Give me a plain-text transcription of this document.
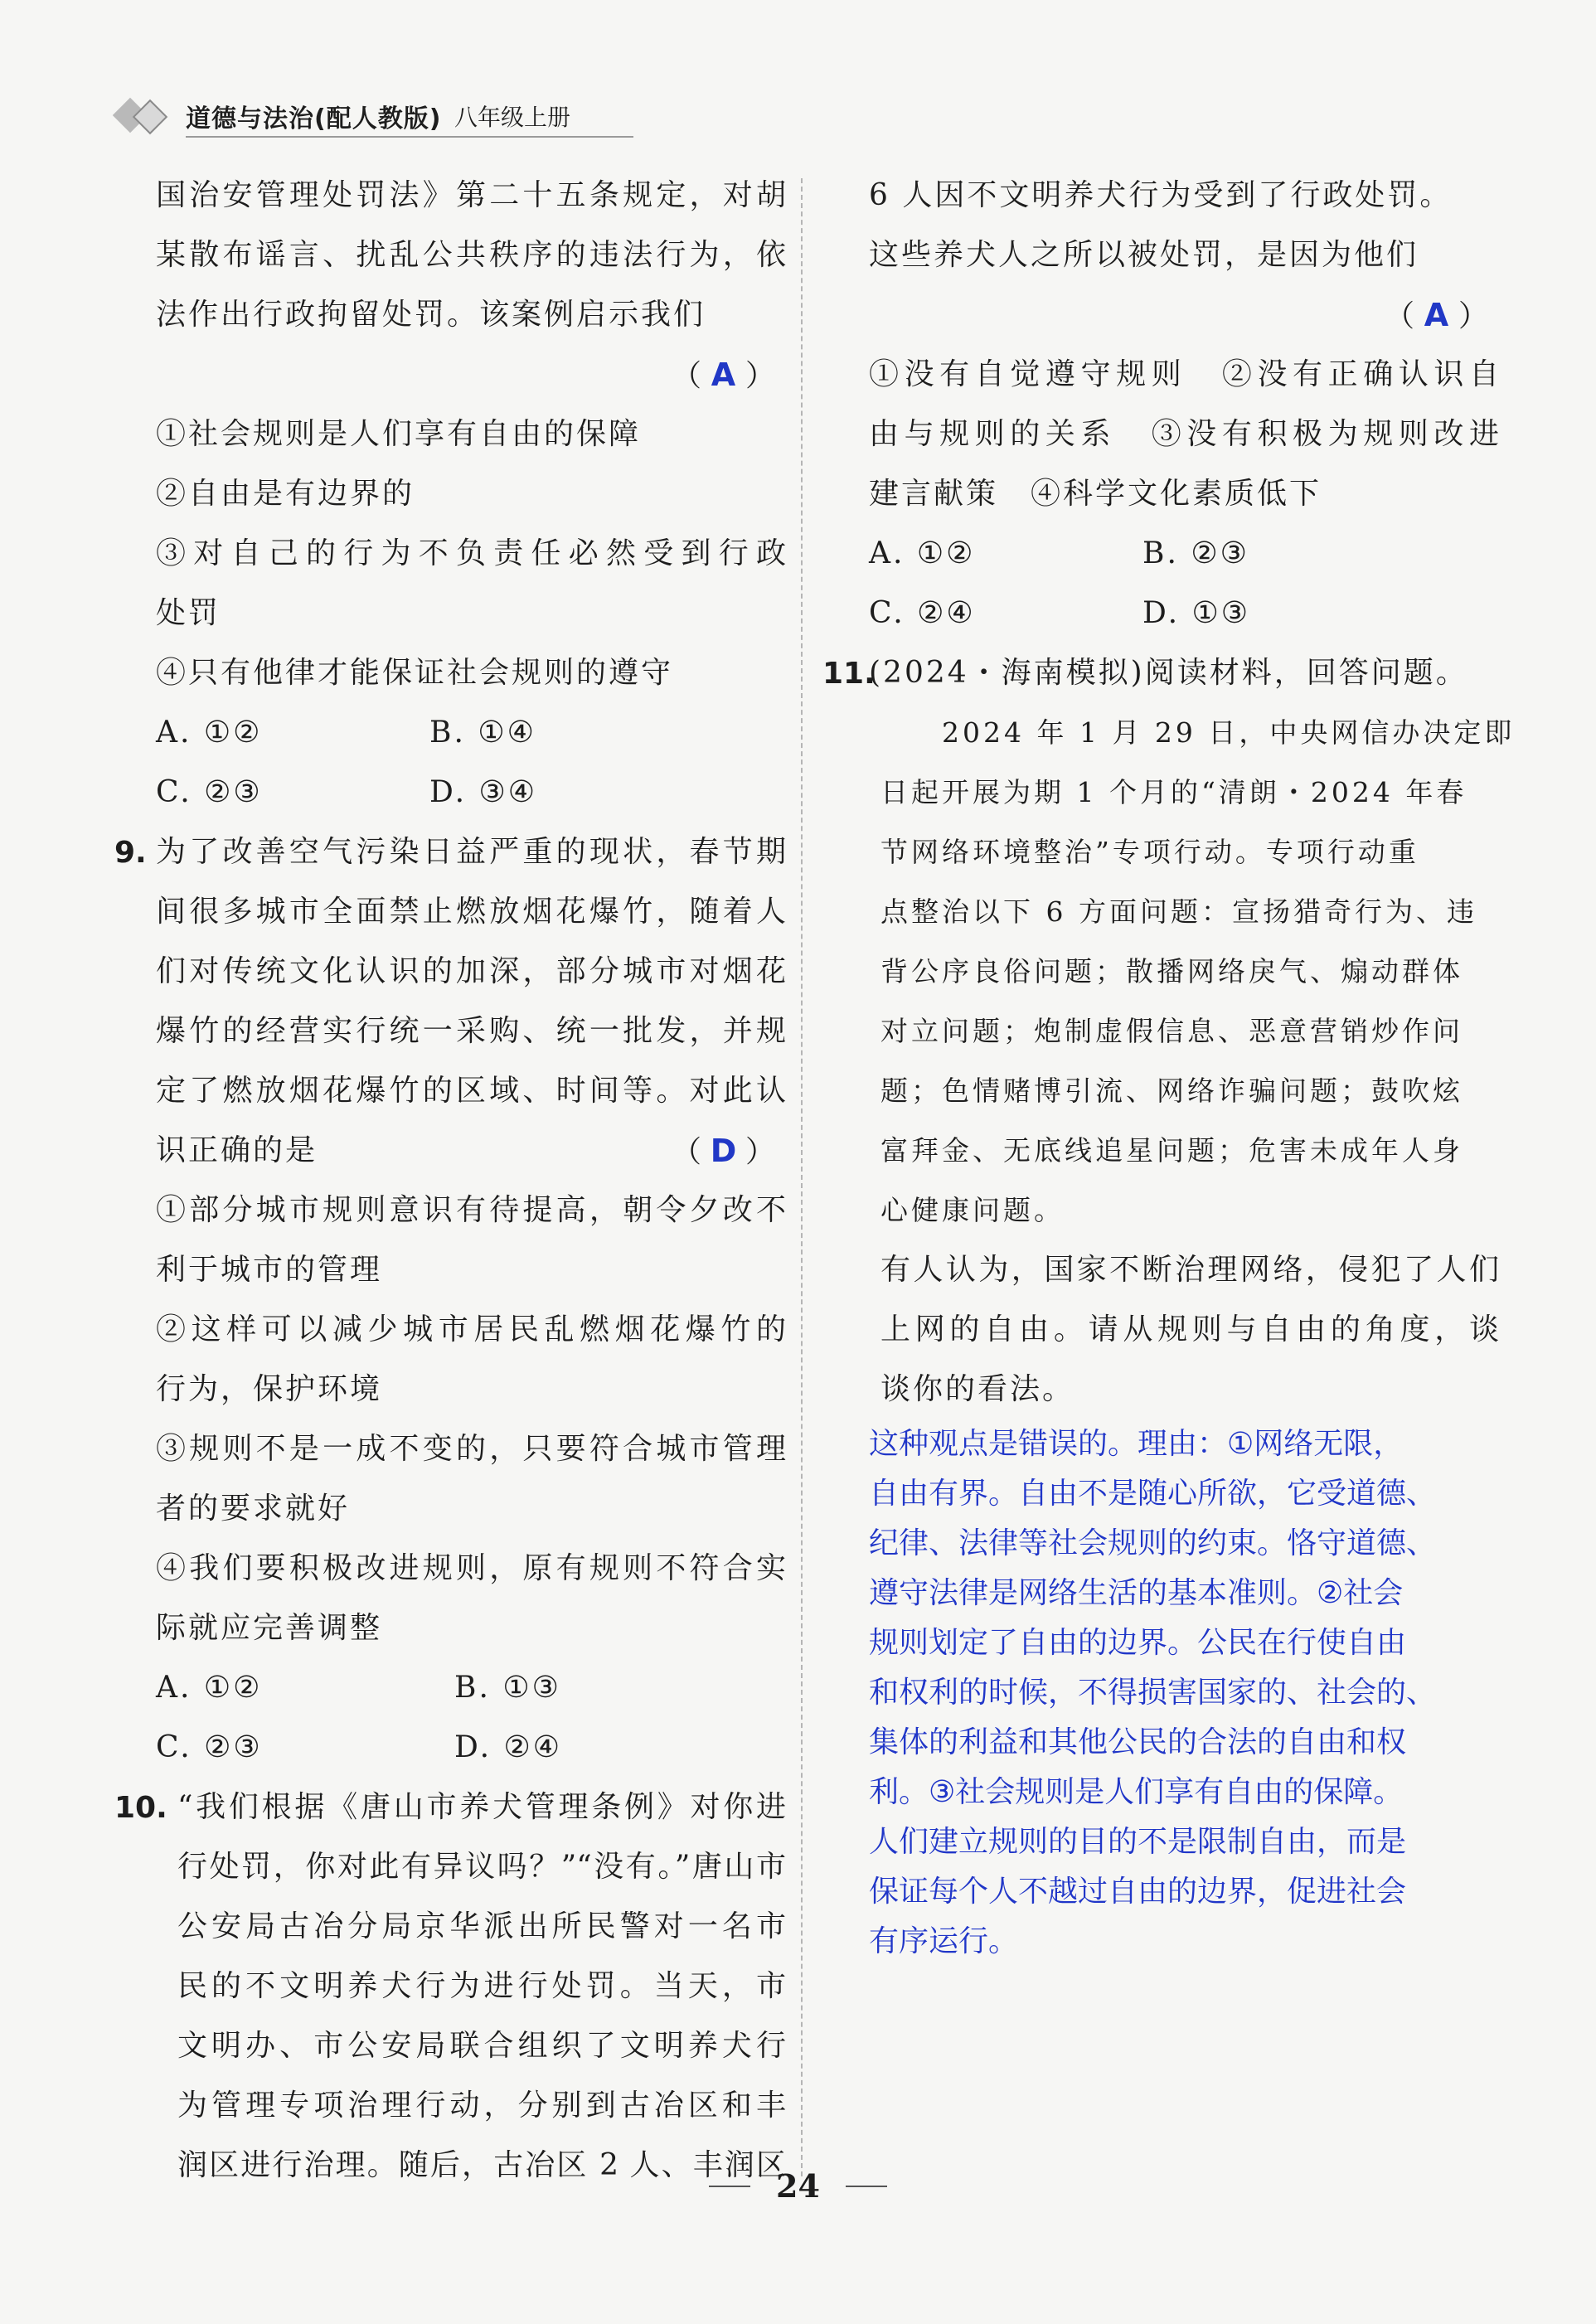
道德与法治(配人教版) 八年级上册
国治安管理处罚法》第二十五条规定，对胡
某散布谣言、扰乱公共秩序的违法行为，依
法作出行政拘留处罚。该案例启示我们
（ A ）
①社会规则是人们享有自由的保障
②自由是有边界的
③对自己的行为不负责任必然受到行政
处罚
④只有他律才能保证社会规则的遵守
A. ①②	B. ①④
C. ②③	D. ③④
9. 为了改善空气污染日益严重的现状，春节期
间很多城市全面禁止燃放烟花爆竹，随着人
们对传统文化认识的加深，部分城市对烟花
爆竹的经营实行统一采购、统一批发，并规
定了燃放烟花爆竹的区域、时间等。对此认
识正确的是	（ D ）
①部分城市规则意识有待提高，朝令夕改不
利于城市的管理
②这样可以减少城市居民乱燃烟花爆竹的
行为，保护环境
③规则不是一成不变的，只要符合城市管理
者的要求就好
④我们要积极改进规则，原有规则不符合实
际就应完善调整
A. ①②	B. ①③
C. ②③	D. ②④
10. “我们根据《唐山市养犬管理条例》对你进
行处罚，你对此有异议吗？”“没有。”唐山市
公安局古冶分局京华派出所民警对一名市
民的不文明养犬行为进行处罚。当天，市
文明办、市公安局联合组织了文明养犬行
为管理专项治理行动，分别到古冶区和丰
润区进行治理。随后，古冶区 2 人、丰润区
6 人因不文明养犬行为受到了行政处罚。
这些养犬人之所以被处罚，是因为他们
（ A ）
①没有自觉遵守规则　②没有正确认识自
由与规则的关系　③没有积极为规则改进
建言献策　④科学文化素质低下
A. ①②	B. ②③
C. ②④	D. ①③
11.
(2024・海南模拟)阅读材料，回答问题。
　　2024 年 1 月 29 日，中央网信办决定即
日起开展为期 1 个月的“清朗・2024 年春
节网络环境整治”专项行动。专项行动重
点整治以下 6 方面问题：宣扬猎奇行为、违
背公序良俗问题；散播网络戾气、煽动群体
对立问题；炮制虚假信息、恶意营销炒作问
题；色情赌博引流、网络诈骗问题；鼓吹炫
富拜金、无底线追星问题；危害未成年人身
心健康问题。
有人认为，国家不断治理网络，侵犯了人们
上网的自由。请从规则与自由的角度，谈
谈你的看法。
这种观点是错误的。理由：①网络无限，
自由有界。自由不是随心所欲，它受道德、
纪律、法律等社会规则的约束。恪守道德、
遵守法律是网络生活的基本准则。②社会
规则划定了自由的边界。公民在行使自由
和权利的时候，不得损害国家的、社会的、
集体的利益和其他公民的合法的自由和权
利。③社会规则是人们享有自由的保障。
人们建立规则的目的不是限制自由，而是
保证每个人不越过自由的边界，促进社会
有序运行。
24
